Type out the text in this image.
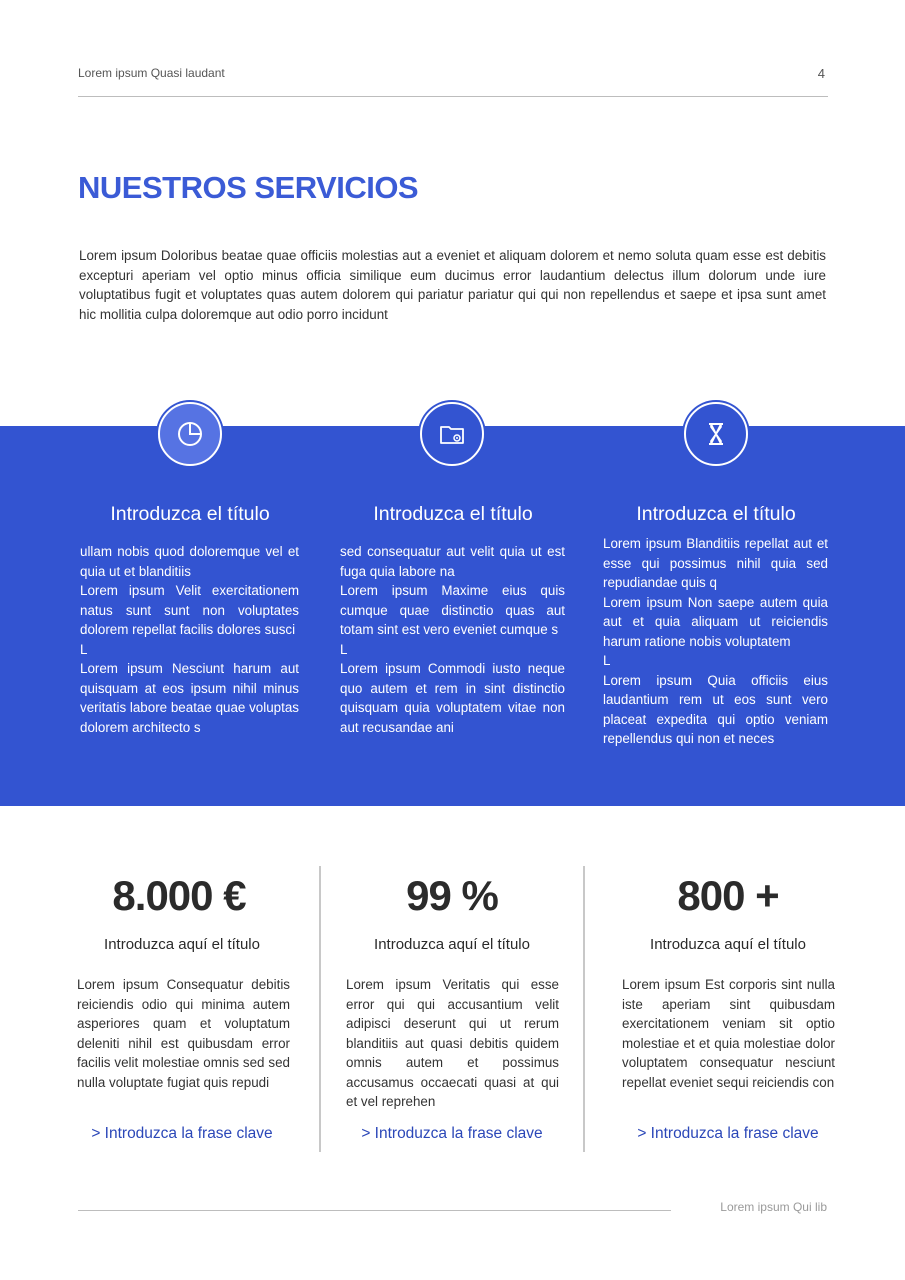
Lorem ipsum Quasi laudant	4
NUESTROS SERVICIOS
Lorem ipsum Doloribus beatae quae officiis molestias aut a eveniet et aliquam dolorem et nemo soluta quam esse est debitis excepturi aperiam vel optio minus officia similique eum ducimus error laudantium delectus illum dolorum unde iure voluptatibus fugit et voluptates quas autem dolorem qui pariatur pariatur qui qui non repellendus et saepe et ipsa sunt amet hic mollitia culpa doloremque aut odio porro incidunt
Introduzca el título	Introduzca el título	Introduzca el título
ullam nobis quod doloremque vel et quia ut et blanditiis
Lorem ipsum Velit exercitationem natus sunt sunt non voluptates dolorem repellat facilis dolores susci
L
Lorem ipsum Nesciunt harum aut quisquam at eos ipsum nihil minus veritatis labore beatae quae voluptas dolorem architecto s
sed consequatur aut velit quia ut est fuga quia labore na
Lorem ipsum Maxime eius quis cumque quae distinctio quas aut totam sint est vero eveniet cumque s
L
Lorem ipsum Commodi iusto neque quo autem et rem in sint distinctio quisquam quia voluptatem vitae non aut recusandae ani
Lorem ipsum Blanditiis repellat aut et esse qui possimus nihil quia sed repudiandae quis q
Lorem ipsum Non saepe autem quia aut et quia aliquam ut reiciendis harum ratione nobis voluptatem
L
Lorem ipsum Quia officiis eius laudantium rem ut eos sunt vero placeat expedita qui optio veniam repellendus qui non et neces
8.000 €	99 %	800 +
Introduzca aquí el título	Introduzca aquí el título	Introduzca aquí el título
Lorem ipsum Consequatur debitis reiciendis odio qui minima autem asperiores quam et voluptatum deleniti nihil est quibusdam error facilis velit molestiae omnis sed sed nulla voluptate fugiat quis repudi
Lorem ipsum Veritatis qui esse error qui qui accusantium velit adipisci deserunt qui ut rerum blanditiis aut quasi debitis quidem omnis autem et possimus accusamus occaecati quasi at qui et vel reprehen
Lorem ipsum Est corporis sint nulla iste aperiam sint quibusdam exercitationem veniam sit optio molestiae et et quia molestiae dolor voluptatem consequatur nesciunt repellat eveniet sequi reiciendis con
> Introduzca la frase clave	> Introduzca la frase clave	> Introduzca la frase clave
Lorem ipsum Qui lib
